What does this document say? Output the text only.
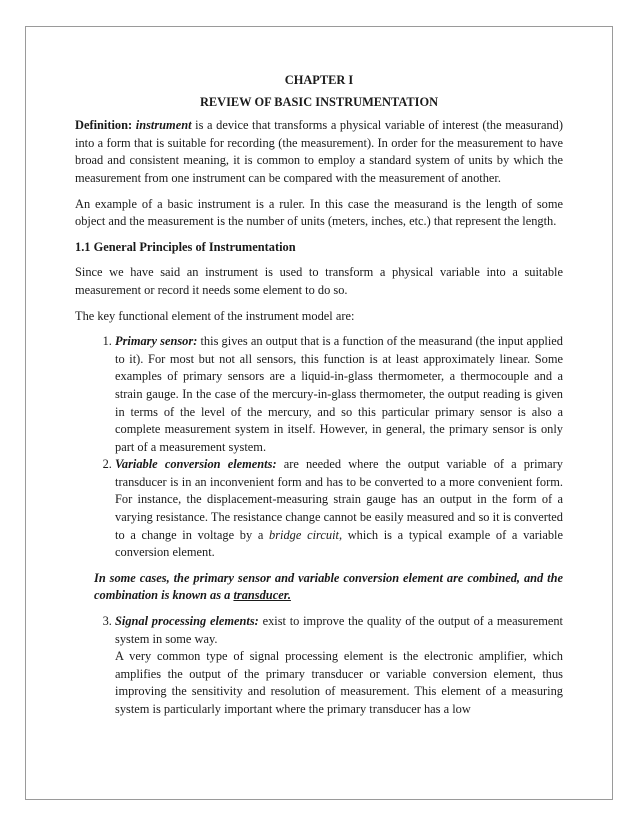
CHAPTER I
REVIEW OF BASIC INSTRUMENTATION

Definition: instrument is a device that transforms a physical variable of interest (the measurand) into a form that is suitable for recording (the measurement). In order for the measurement to have broad and consistent meaning, it is common to employ a standard system of units by which the measurement from one instrument can be compared with the measurement of another.

An example of a basic instrument is a ruler. In this case the measurand is the length of some object and the measurement is the number of units (meters, inches, etc.) that represent the length.

1.1 General Principles of Instrumentation

Since we have said an instrument is used to transform a physical variable into a suitable measurement or record it needs some element to do so.

The key functional element of the instrument model are:

1. Primary sensor: this gives an output that is a function of the measurand (the input applied to it). For most but not all sensors, this function is at least approximately linear. Some examples of primary sensors are a liquid-in-glass thermometer, a thermocouple and a strain gauge. In the case of the mercury-in-glass thermometer, the output reading is given in terms of the level of the mercury, and so this particular primary sensor is also a complete measurement system in itself. However, in general, the primary sensor is only part of a measurement system.
2. Variable conversion elements: are needed where the output variable of a primary transducer is in an inconvenient form and has to be converted to a more convenient form. For instance, the displacement-measuring strain gauge has an output in the form of a varying resistance. The resistance change cannot be easily measured and so it is converted to a change in voltage by a bridge circuit, which is a typical example of a variable conversion element.
In some cases, the primary sensor and variable conversion element are combined, and the combination is known as a transducer.
3. Signal processing elements: exist to improve the quality of the output of a measurement system in some way.
A very common type of signal processing element is the electronic amplifier, which amplifies the output of the primary transducer or variable conversion element, thus improving the sensitivity and resolution of measurement. This element of a measuring system is particularly important where the primary transducer has a low
